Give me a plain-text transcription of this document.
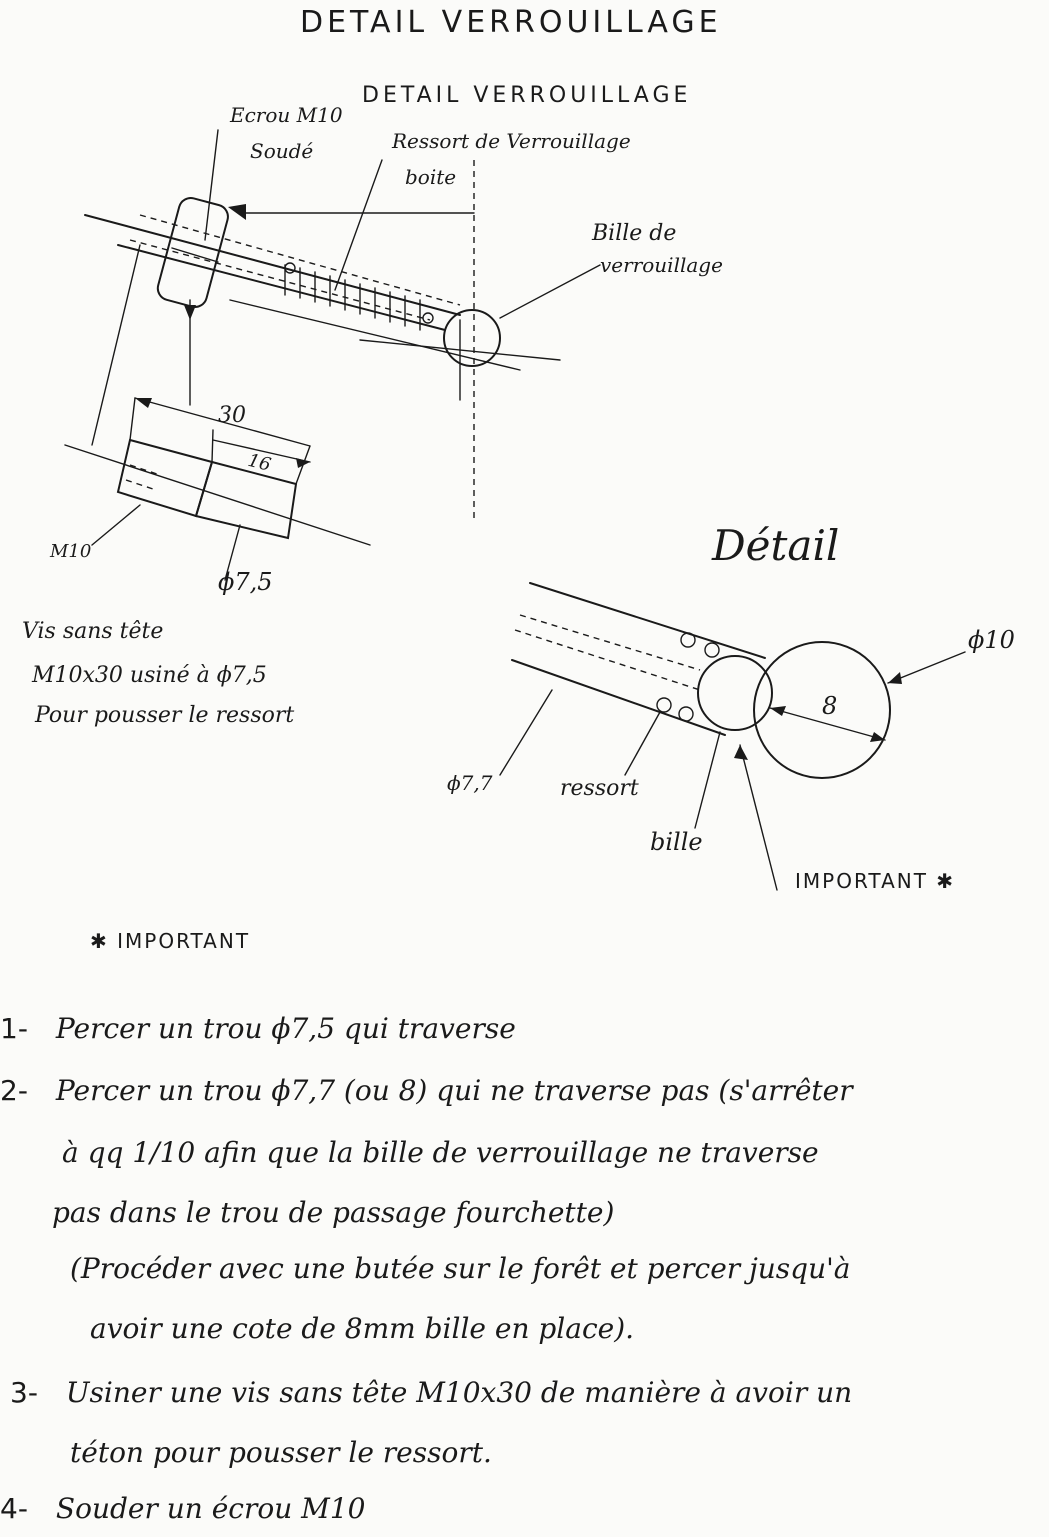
DETAIL VERROUILLAGE
DETAIL VERROUILLAGE
Ecrou M10
Soudé	Ressort de Verrouillage
boite
Bille de
verrouillage
30
16
M10
ϕ7,5
Vis sans tête
M10x30 usiné à ϕ7,5
Pour pousser le ressort
Détail
ϕ10
8
ϕ7,7	ressort
bille
IMPORTANT ✱
✱ IMPORTANT
1- Percer un trou ϕ7,5 qui traverse
2- Percer un trou ϕ7,7 (ou 8) qui ne traverse pas (s'arrêter
à qq 1/10 afin que la bille de verrouillage ne traverse
pas dans le trou de passage fourchette)
(Procéder avec une butée sur le forêt et percer jusqu'à
avoir une cote de 8mm bille en place).
3- Usiner une vis sans tête M10x30 de manière à avoir un
téton pour pousser le ressort.
4- Souder un écrou M10
